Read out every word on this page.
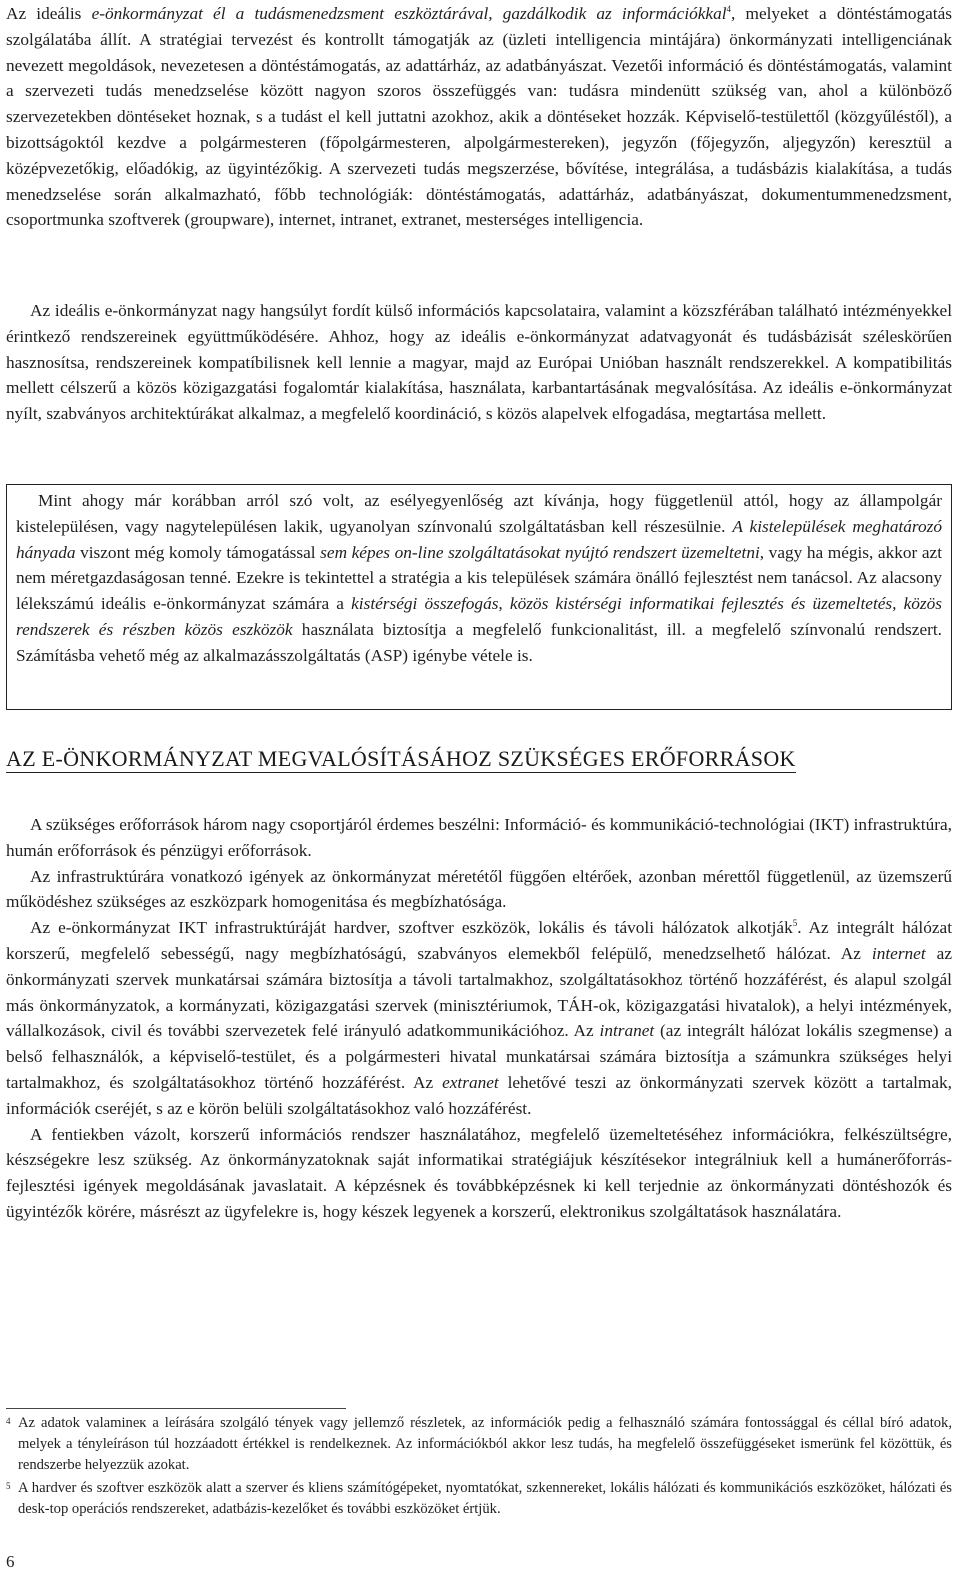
Az ideális e-önkormányzat él a tudásmenedzsment eszköztárával, gazdálkodik az információkkal$^4$, melyeket a döntéstámogatás szolgálatába állít. A stratégiai tervezést és kontrollt támogatják az (üzleti intelligencia mintájára) önkormányzati intelligenciának nevezett megoldások, nevezetesen a döntéstámogatás, az adattárház, az adatbányászat. Vezetői információ és döntéstámogatás, valamint a szervezeti tudás menedzselése között nagyon szoros összefüggés van: tudásra mindenütt szükség van, ahol a különböző szervezetekben döntéseket hoznak, s a tudást el kell juttatni azokhoz, akik a döntéseket hozzák. Képviselő-testülettől (közgyűléstől), a bizottságoktól kezdve a polgármesteren (főpolgármesteren, alpolgármestereken), jegyzőn (főjegyzőn, aljegyzőn) keresztül a középvezetőkig, előadókig, az ügyintézőkig. A szervezeti tudás megszerzése, bővítése, integrálása, a tudásbázis kialakítása, a tudás menedzselése során alkalmazható, főbb technológiák: döntéstámogatás, adattárház, adatbányászat, dokumentummenedzsment, csoportmunka szoftverek (groupware), internet, intranet, extranet, mesterséges intelligencia.

Az ideális e-önkormányzat nagy hangsúlyt fordít külső információs kapcsolataira, valamint a közszférában található intézményekkel érintkező rendszereinek együttműködésére. Ahhoz, hogy az ideális e-önkormányzat adatvagyonát és tudásbázisát széleskörűen hasznosítsa, rendszereinek kompatíbilisnek kell lennie a magyar, majd az Európai Unióban használt rendszerekkel. A kompatibilitás mellett célszerű a közös közigazgatási fogalomtár kialakítása, használata, karbantartásának megvalósítása. Az ideális e-önkormányzat nyílt, szabványos architektúrákat alkalmaz, a megfelelő koordináció, s közös alapelvek elfogadása, megtartása mellett.

Mint ahogy már korábban arról szó volt, az esélyegyenlőség azt kívánja, hogy függetlenül attól, hogy az állampolgár kistelepülésen, vagy nagytelepülésen lakik, ugyanolyan színvonalú szolgáltatásban kell részesülnie. A kistelepülések meghatározó hányada viszont még komoly támogatással sem képes on-line szolgáltatásokat nyújtó rendszert üzemeltetni, vagy ha mégis, akkor azt nem méretgazdaságosan tenné. Ezekre is tekintettel a stratégia a kis települések számára önálló fejlesztést nem tanácsol. Az alacsony lélekszámú ideális e-önkormányzat számára a kistérségi összefogás, közös kistérségi informatikai fejlesztés és üzemeltetés, közös rendszerek és részben közös eszközök használata biztosítja a megfelelő funkcionalitást, ill. a megfelelő színvonalú rendszert. Számításba vehető még az alkalmazásszolgáltatás (ASP) igénybe vétele is.

AZ E-ÖNKORMÁNYZAT MEGVALÓSÍTÁSÁHOZ SZÜKSÉGES ERŐFORRÁSOK

A szükséges erőforrások három nagy csoportjáról érdemes beszélni: Információ- és kommunikáció-technológiai (IKT) infrastruktúra, humán erőforrások és pénzügyi erőforrások.

Az infrastruktúrára vonatkozó igények az önkormányzat méretétől függően eltérőek, azonban mérettől függetlenül, az üzemszerű működéshez szükséges az eszközpark homogenitása és megbízhatósága.

Az e-önkormányzat IKT infrastruktúráját hardver, szoftver eszközök, lokális és távoli hálózatok alkotják$^5$. Az integrált hálózat korszerű, megfelelő sebességű, nagy megbízhatóságú, szabványos elemekből felépülő, menedzselhető hálózat. Az internet az önkormányzati szervek munkatársai számára biztosítja a távoli tartalmakhoz, szolgáltatásokhoz történő hozzáférést, és alapul szolgál más önkormányzatok, a kormányzati, közigazgatási szervek (minisztériumok, TÁH-ok, közigazgatási hivatalok), a helyi intézmények, vállalkozások, civil és további szervezetek felé irányuló adatkommunikációhoz. Az intranet (az integrált hálózat lokális szegmense) a belső felhasználók, a képviselő-testület, és a polgármesteri hivatal munkatársai számára biztosítja a számunkra szükséges helyi tartalmakhoz, és szolgáltatásokhoz történő hozzáférést. Az extranet lehetővé teszi az önkormányzati szervek között a tartalmak, információk cseréjét, s az e körön belüli szolgáltatásokhoz való hozzáférést.

A fentiekben vázolt, korszerű információs rendszer használatához, megfelelő üzemeltetéséhez információkra, felkészültségre, készségekre lesz szükség. Az önkormányzatoknak saját informatikai stratégiájuk készítésekor integrálniuk kell a humánerőforrás-fejlesztési igények megoldásának javaslatait. A képzésnek és továbbképzésnek ki kell terjednie az önkormányzati döntéshozók és ügyintézők körére, másrészt az ügyfelekre is, hogy készek legyenek a korszerű, elektronikus szolgáltatások használatára.

4 Az adatok valamineк a leírására szolgáló tények vagy jellemző részletek, az információk pedig a felhasználó számára fontossággal és céllal bíró adatok, melyek a tényleíráson túl hozzáadott értékkel is rendelkeznek. Az információkból akkor lesz tudás, ha megfelelő összefüggéseket ismerünk fel közöttük, és rendszerbe helyezzük azokat.

5 A hardver és szoftver eszközök alatt a szerver és kliens számítógépeket, nyomtatókat, szkennereket, lokális hálózati és kommunikációs eszközöket, hálózati és desk-top operációs rendszereket, adatbázis-kezelőket és további eszközöket értjük.

6
